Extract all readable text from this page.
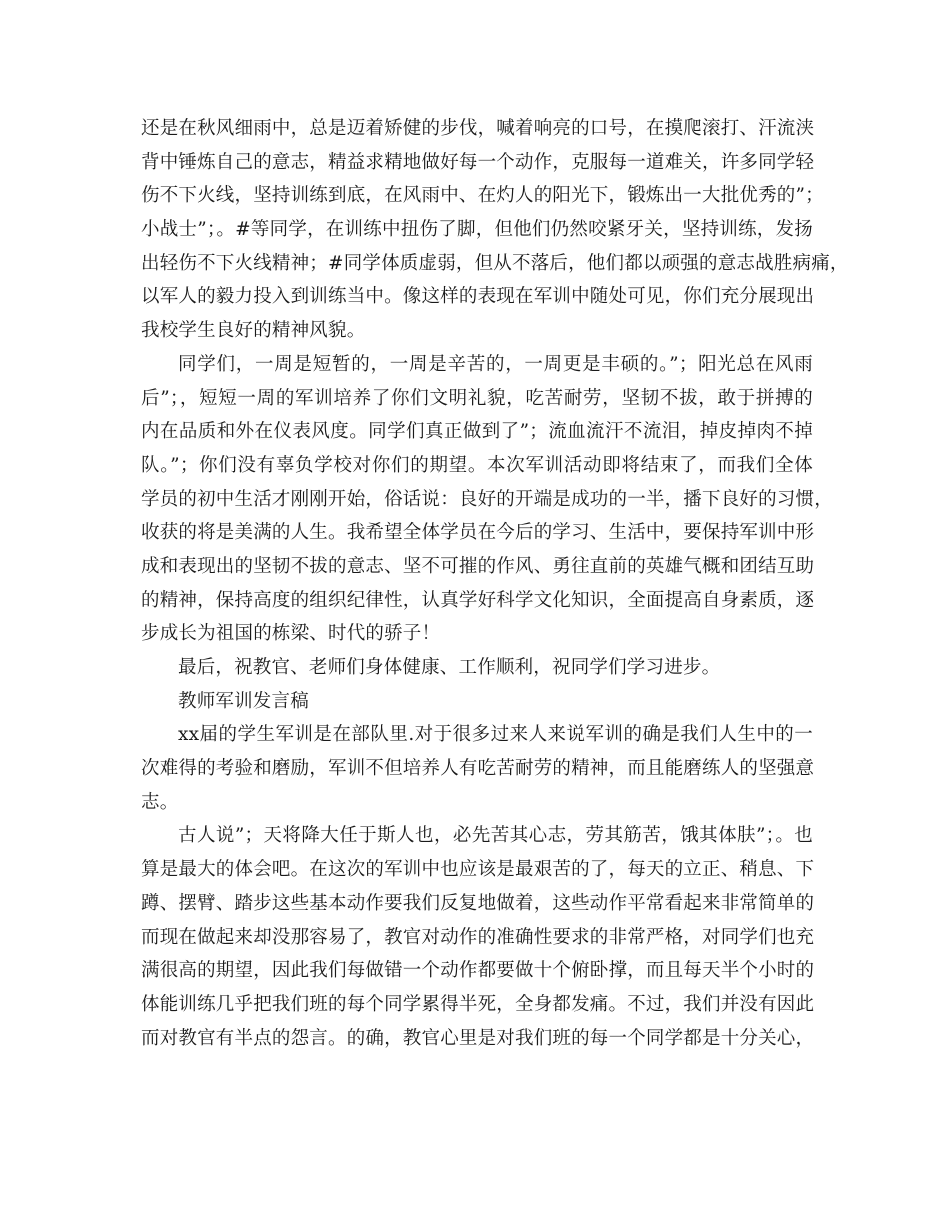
还是在秋风细雨中，总是迈着矫健的步伐，喊着响亮的口号，在摸爬滚打、汗流浃
背中锤炼自己的意志，精益求精地做好每一个动作，克服每一道难关，许多同学轻
伤不下火线，坚持训练到底，在风雨中、在灼人的阳光下，锻炼出一大批优秀的”；
小战士”；。#等同学，在训练中扭伤了脚，但他们仍然咬紧牙关，坚持训练，发扬
出轻伤不下火线精神；#同学体质虚弱，但从不落后，他们都以顽强的意志战胜病痛，
以军人的毅力投入到训练当中。像这样的表现在军训中随处可见，你们充分展现出
我校学生良好的精神风貌。
同学们，一周是短暂的，一周是辛苦的，一周更是丰硕的。”；阳光总在风雨
后”；，短短一周的军训培养了你们文明礼貌，吃苦耐劳，坚韧不拔，敢于拼搏的
内在品质和外在仪表风度。同学们真正做到了”；流血流汗不流泪，掉皮掉肉不掉
队。”；你们没有辜负学校对你们的期望。本次军训活动即将结束了，而我们全体
学员的初中生活才刚刚开始，俗话说：良好的开端是成功的一半，播下良好的习惯，
收获的将是美满的人生。我希望全体学员在今后的学习、生活中，要保持军训中形
成和表现出的坚韧不拔的意志、坚不可摧的作风、勇往直前的英雄气概和团结互助
的精神，保持高度的组织纪律性，认真学好科学文化知识，全面提高自身素质，逐
步成长为祖国的栋梁、时代的骄子！
最后，祝教官、老师们身体健康、工作顺利，祝同学们学习进步。
教师军训发言稿
xx届的学生军训是在部队里.对于很多过来人来说军训的确是我们人生中的一
次难得的考验和磨励，军训不但培养人有吃苦耐劳的精神，而且能磨练人的坚强意
志。
古人说”；天将降大任于斯人也，必先苦其心志，劳其筋苦，饿其体肤”；。也
算是最大的体会吧。在这次的军训中也应该是最艰苦的了，每天的立正、稍息、下
蹲、摆臂、踏步这些基本动作要我们反复地做着，这些动作平常看起来非常简单的
而现在做起来却没那容易了，教官对动作的准确性要求的非常严格，对同学们也充
满很高的期望，因此我们每做错一个动作都要做十个俯卧撑，而且每天半个小时的
体能训练几乎把我们班的每个同学累得半死，全身都发痛。不过，我们并没有因此
而对教官有半点的怨言。的确，教官心里是对我们班的每一个同学都是十分关心，
